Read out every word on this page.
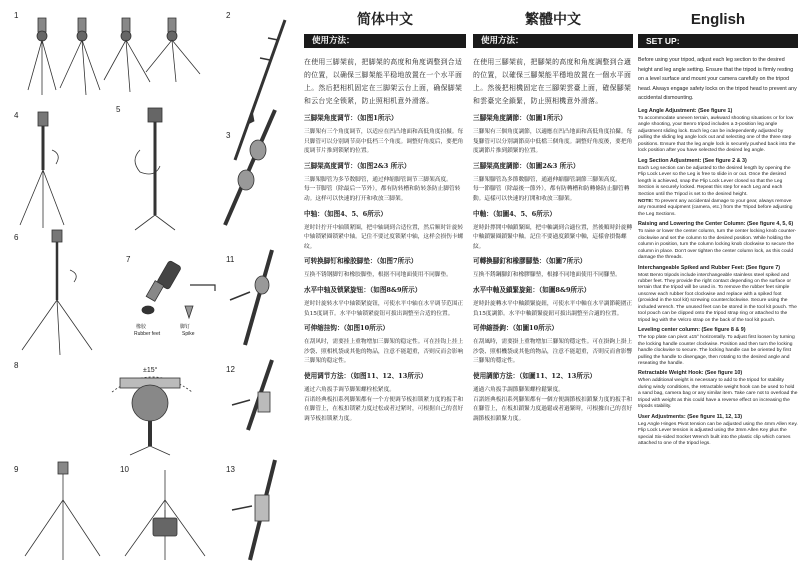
1	2
3
4
5
6
7
橡胶
Rubber feet
脚钉
Spike
11
8
±15°	12
9	10	13
简体中文
使用方法：
在使用三脚架前，把脚架的高度和角度调整到合适的位置，以确保三脚架能平稳地放置在一个水平面上。然后把相机固定在三脚架云台上面，确保脚架和云台完全锁紧，防止照相机意外滑落。
三脚架角度调节：（如图1所示）
三脚架有三个角度调节，以适应在凹凸地面和高低角度拍摄。每只脚管可以分别调节高中低档三个角度。调整好角度后，要把角度调节片推到锁紧的位置。
三脚架高度调节：（如图2&3 所示）
三脚架脚管为多节数脚管，通过伸缩脚管调节三脚架高度。
每一节脚管（除最后一节外），都有防转槽和防转条防止脚管转动。这样可以快速的打开和收放三脚架。
中轴：（如图4、5、6所示）
逆时针拧开中轴锁紧圈，把中轴调到合适位置，然后顺时针旋转中轴锁紧圈锁紧中轴。记住不要过度锁紧中轴，这样会损伤卡螺纹。
可转换脚钉和橡胶脚垫：（如图7所示）
互换不锈钢脚钉和橡胶脚垫，根据不同地面使用不同脚垫。
水平中轴及锁紧旋钮：（如图8&9所示）
逆时针旋转水平中轴锁紧旋钮，可使水平中轴在水平调节范围正负15度调节。水平中轴锁紧旋钮可拔出调整至合适的位置。
可伸缩挂钩：（如图10所示）
在刮风时，需要挂上重物增加三脚架的稳定性。可在挂钩上挂上沙袋、照相机袋或其他的物品，注意不能超重，否则反而会影响三脚架的稳定性。
使用调节方法：（如图11、12、13所示）
通过六角扳手调节脚架螺栓松紧度。
百诺经典板扣系列脚架都有一个方便调节板扣锁紧力度的扳手和在脚管上，在板扣锁紧力度过松或者过紧时，可根据自己的喜好调节板扣锁紧力度。
繁體中文
使用方法：
在使用三腳架前，把腳架的高度和角度調整到合適的位置，以確保三腳架能平穩地放置在一個水平面上。然後把相機固定在三腳架雲臺上面，確保腳架和雲臺完全鎖緊，防止照相機意外滑落。
三腳架角度調節：（如圖1所示）
三腳架有三個角度調節，以適應在凹凸地面和高低角度拍攝。每隻腳管可以分別調節高中低檔三個角度。調整好角度後，要把角度調節片推到鎖緊的位置。
三腳架高度調節：（如圖2&3 所示）
三腳架腳管為多節數腳管，通過伸縮腳管調節三腳架高度。
每一節腳管（除最後一節外），都有防轉槽和防轉條防止腳管轉動。這樣可以快速的打開和收放三腳架。
中軸：（如圖4、5、6所示）
逆時針擰開中軸鎖緊圈，把中軸調到合適位置，然後順時針旋轉中軸鎖緊圈鎖緊中軸。記住不要過度鎖緊中軸，這樣會損傷螺紋。
可轉換腳釘和橡膠腳墊：（如圖7所示）
互換不銹鋼腳釘和橡膠腳墊，根據不同地面使用不同腳墊。
水平中軸及鎖緊旋鈕：（如圖8&9所示）
逆時針旋轉水平中軸鎖緊旋鈕，可使水平中軸在水平調節範圍正負15度調節。水平中軸鎖緊旋鈕可拔出調整至合適的位置。
可伸縮掛鉤：（如圖10所示）
在刮風時，需要掛上重物增加三腳架的穩定性。可在掛鉤上掛上沙袋、照相機袋或其他的物品，注意不能超重，否則反而會影響三腳架的穩定性。
使用調節方法：（如圖11、12、13所示）
通過六角扳手調節腳架螺栓鬆緊度。
百諾經典板扣系列腳架都有一個方便調節板扣鎖緊力度的扳手和在腳管上，在板扣鎖緊力度過鬆或者過緊時，可根據自己的喜好調節板扣鎖緊力度。
English
SET UP:
Before using your tripod, adjust each leg section to the desired height and leg angle setting. Ensure that the tripod is firmly resting on a level surface and mount your camera carefully on the tripod head. Always engage safety locks on the tripod head to prevent any accidental dismounting.
Leg Angle Adjustment: (See figure 1)
To accommodate uneven terrain, awkward shooting situations or for low angle shooting, your Benro tripod includes a 3-position leg angle adjustment sliding lock. Each leg can be independently adjusted by pulling the sliding leg angle lock out and selecting one of the three step positions. Ensure that the leg angle lock is securely pushed back into the lock position after you have selected the desired leg angle.
Leg Section Adjustment: (See figure 2 & 3)
Each Leg section can be adjusted to the desired length by opening the Flip Lock Lever so the Leg is free to slide in or out. Once the desired length is achieved, snap the Flip Lock Lever closed so that the Leg Section is securely locked. Repeat this step for each Leg and each Section until the Tripod is set to the desired height.
NOTE: To prevent any accidental damage to your gear, always remove any mounted equipment (camera, etc.) from the Tripod before adjusting the Leg Sections.
Raising and Lowering the Center Column: (See figure 4, 5, 6)
To raise or lower the center column, turn the center locking knob counter-clockwise and set the column to the desired position. While holding the column in position, turn the column locking knob clockwise to secure the column in place. Don't over tighten the center column lock, as this could damage the threads.
Interchangeable Spiked and Rubber Feet: (See figure 7)
Most Benro tripods include interchangeable stainless steel spiked and rubber feet. They provide the right contact depending on the surface or terrain that the tripod will be used in. To remove the rubber feet simple unscrew each rubber foot clockwise and replace with a spiked foot (provided in the tool kit) screwing counterclockwise. Secure using the included wrench. The unused feet can be stored in the tool kit pouch. The tool pouch can be clipped onto the tripod strap ring or attached to the tripod leg with the Velcro strap on the back of the tool kit pouch.
Leveling center column: (See figure 8 & 9)
The top plate can pivot ±15° horizontally. To adjust first loosen by turning the locking handle counter clockwise. Position and then turn the locking handle clockwise to secure. The locking handle can be oriented by first pulling the handle to disengage, then rotating to the desired angle and reseating the handle.
Retractable Weight Hook: (See figure 10)
When additional weight is necessary to add to the tripod for stability during windy conditions, the retractable weight hook can be used to hold a sand bag, camera bag or any similar item. Take care not to overload the tripod with weight as this could have a reverse effect on increasing the tripods stability.
User Adjustments: (See figure 11, 12, 13)
Leg Angle Hinges Pivot tension can be adjusted using the 4mm Allen Key. Flip Lock Lever tension is adjusted using the 3mm Allen Key plus the special Six-sided Socket Wrench built into the plastic clip which comes attached to one of the tripod legs.
